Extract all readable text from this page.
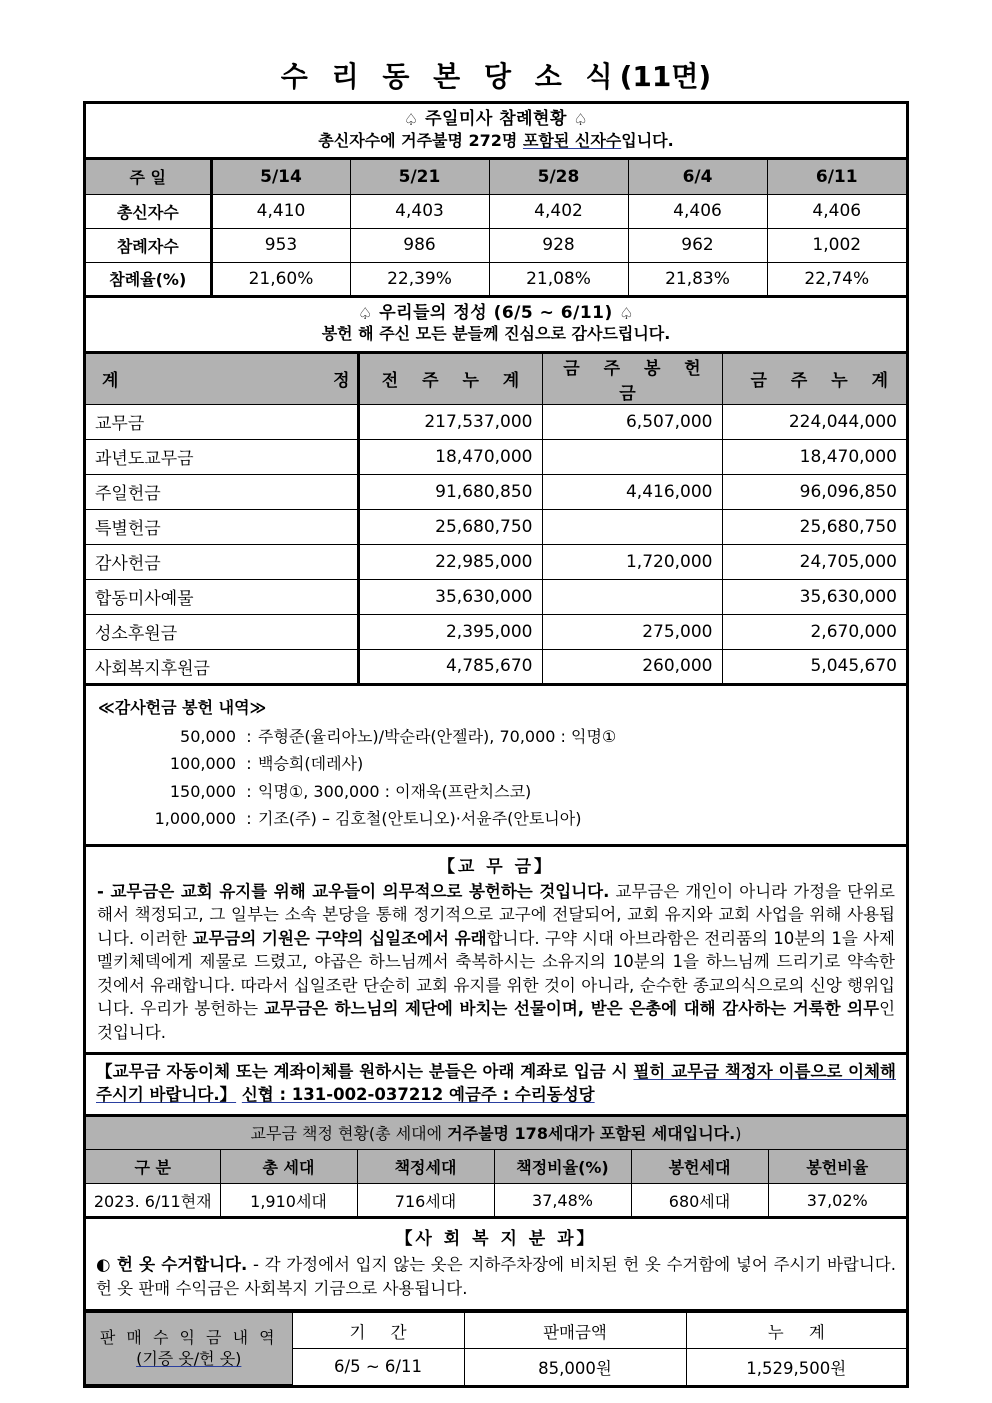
수 리 동 본 당 소 식(11면)
♤ 주일미사 참례현황 ♤
총신자수에 거주불명 272명 포함된 신자수입니다.
주 일	5/14	5/21	5/28	6/4	6/11
총신자수	4,410	4,403	4,402	4,406	4,406
참례자수	953	986	928	962	1,002
참례율(%)	21,60%	22,39%	21,08%	21,83%	22,74%
♤ 우리들의 정성 (6/5 ~ 6/11) ♤
봉헌 해 주신 모든 분들께 진심으로 감사드립니다.
계 정	전 주 누 계	금 주 봉 헌 금	금 주 누 계
교무금	217,537,000	6,507,000	224,044,000
과년도교무금	18,470,000		18,470,000
주일헌금	91,680,850	4,416,000	96,096,850
특별헌금	25,680,750		25,680,750
감사헌금	22,985,000	1,720,000	24,705,000
합동미사예물	35,630,000		35,630,000
성소후원금	2,395,000	275,000	2,670,000
사회복지후원금	4,785,670	260,000	5,045,670
≪감사헌금 봉헌 내역≫
50,000 : 주형준(율리아노)/박순라(안젤라), 70,000 : 익명①
100,000 : 백승희(데레사)
150,000 : 익명①, 300,000 : 이재욱(프란치스코)
1,000,000 : 기조(주) – 김호철(안토니오)·서윤주(안토니아)
【교 무 금】

- 교무금은 교회 유지를 위해 교우들이 의무적으로 봉헌하는 것입니다. 교무금은 개인이 아니라 가정을 단위로 해서 책정되고, 그 일부는 소속 본당을 통해 정기적으로 교구에 전달되어, 교회 유지와 교회 사업을 위해 사용됩니다. 이러한 교무금의 기원은 구약의 십일조에서 유래합니다. 구약 시대 아브라함은 전리품의 10분의 1을 사제 멜키체덱에게 제물로 드렸고, 야곱은 하느님께서 축복하시는 소유지의 10분의 1을 하느님께 드리기로 약속한 것에서 유래합니다. 따라서 십일조란 단순히 교회 유지를 위한 것이 아니라, 순수한 종교의식으로의 신앙 행위입니다. 우리가 봉헌하는 교무금은 하느님의 제단에 바치는 선물이며, 받은 은총에 대해 감사하는 거룩한 의무인 것입니다.

【교무금 자동이체 또는 계좌이체를 원하시는 분들은 아래 계좌로 입금 시 필히 교무금 책정자 이름으로 이체해 주시기 바랍니다.】 신협 : 131-002-037212 예금주 : 수리동성당
교무금 책정 현황(총 세대에 거주불명 178세대가 포함된 세대입니다.)
구 분	총 세대	책정세대	책정비율(%)	봉헌세대	봉헌비율
2023. 6/11현재	1,910세대	716세대	37,48%	680세대	37,02%
【사 회 복 지 분 과】

◐ 헌 옷 수거합니다. - 각 가정에서 입지 않는 옷은 지하주차장에 비치된 헌 옷 수거함에 넣어 주시기 바랍니다. 헌 옷 판매 수익금은 사회복지 기금으로 사용됩니다.

판 매 수 익 금 내 역
(기증 옷/헌 옷)	기 간	판매금액	누 계
	6/5 ~ 6/11	85,000원	1,529,500원
